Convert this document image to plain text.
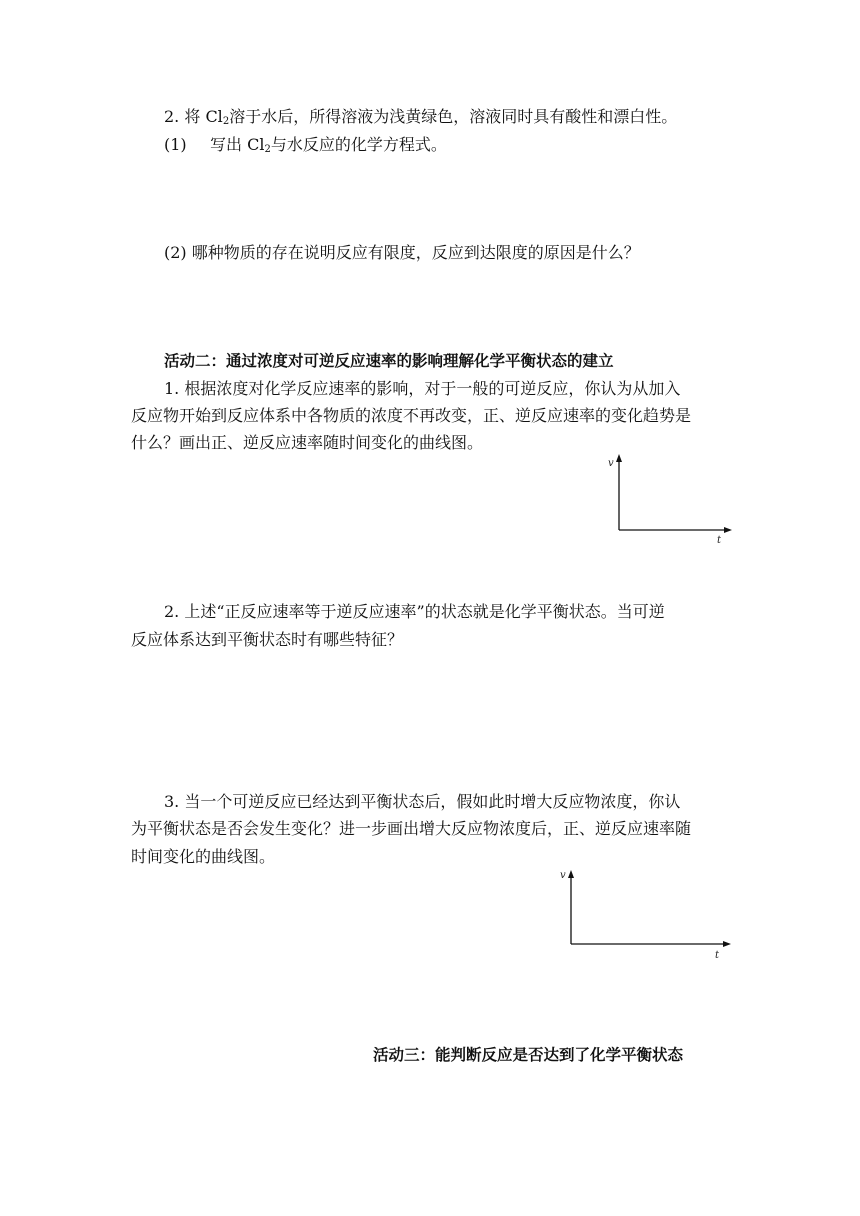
2. 将 $Cl_2$溶于水后，所得溶液为浅黄绿色，溶液同时具有酸性和漂白性。
(1) 写出 $Cl_2$与水反应的化学方程式。
(2) 哪种物质的存在说明反应有限度，反应到达限度的原因是什么？
活动二：通过浓度对可逆反应速率的影响理解化学平衡状态的建立
1. 根据浓度对化学反应速率的影响，对于一般的可逆反应，你认为从加入
反应物开始到反应体系中各物质的浓度不再改变，正、逆反应速率的变化趋势是
什么？画出正、逆反应速率随时间变化的曲线图。
v
t
2. 上述“正反应速率等于逆反应速率”的状态就是化学平衡状态。当可逆
反应体系达到平衡状态时有哪些特征？
3. 当一个可逆反应已经达到平衡状态后，假如此时增大反应物浓度，你认
为平衡状态是否会发生变化？进一步画出增大反应物浓度后，正、逆反应速率随
时间变化的曲线图。
v
t
活动三：能判断反应是否达到了化学平衡状态
